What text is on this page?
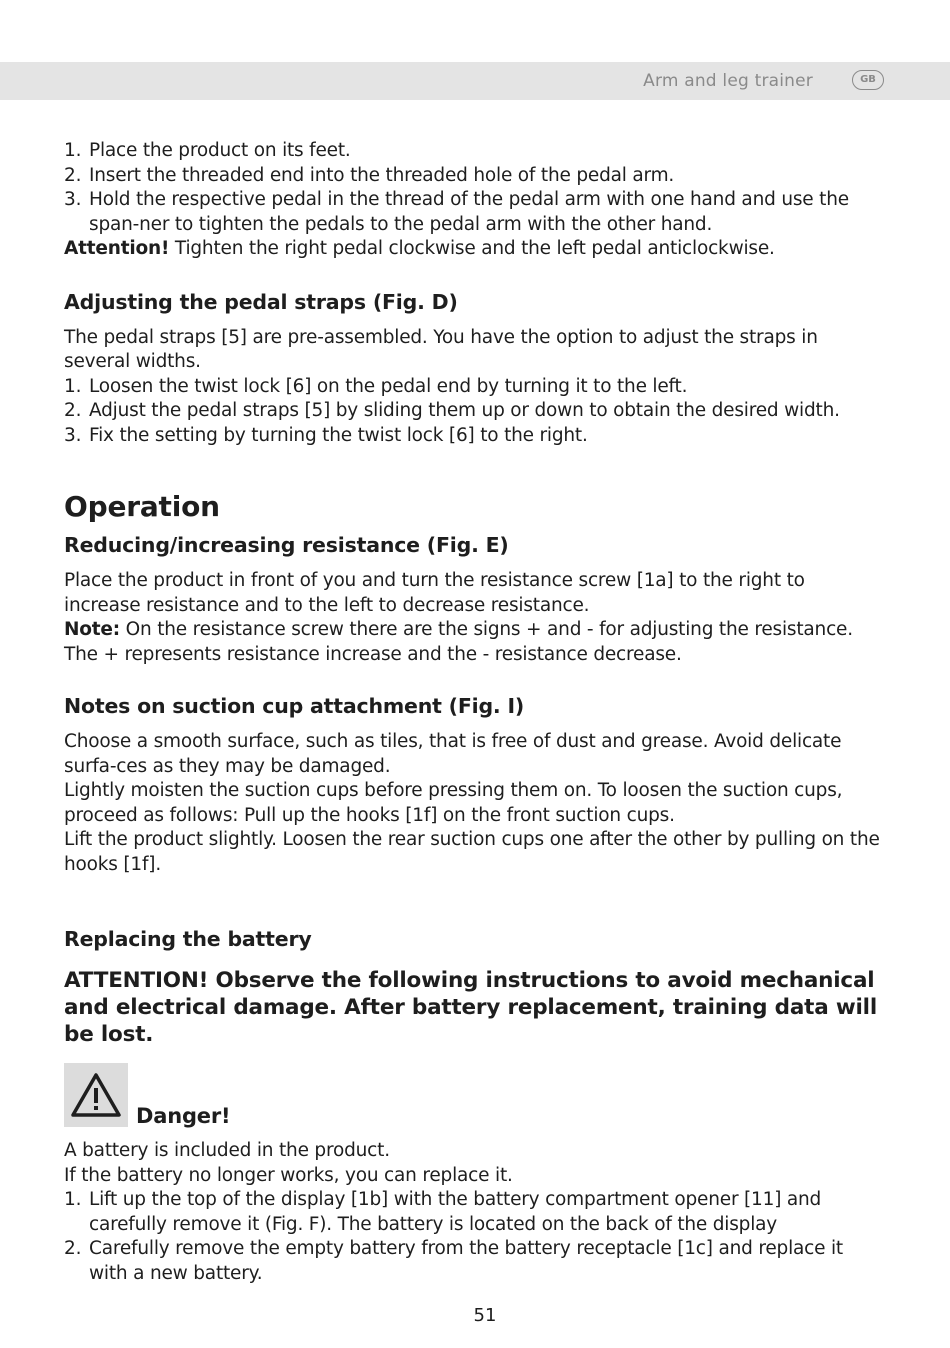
Arm and leg trainer	GB
1. Place the product on its feet.
2. Insert the threaded end into the threaded hole of the pedal arm.
3. Hold the respective pedal in the thread of the pedal arm with one hand and use the span-ner to tighten the pedals to the pedal arm with the other hand.

Attention! Tighten the right pedal clockwise and the left pedal anticlockwise.

Adjusting the pedal straps (Fig. D)

The pedal straps [5] are pre-assembled. You have the option to adjust the straps in several widths.

1. Loosen the twist lock [6] on the pedal end by turning it to the left.
2. Adjust the pedal straps [5] by sliding them up or down to obtain the desired width.
3. Fix the setting by turning the twist lock [6] to the right.
Operation
Reducing/increasing resistance (Fig. E)

Place the product in front of you and turn the resistance screw [1a] to the right to increase resistance and to the left to decrease resistance.

Note: On the resistance screw there are the signs + and - for adjusting the resistance.

The + represents resistance increase and the - resistance decrease.

Notes on suction cup attachment (Fig. I)

Choose a smooth surface, such as tiles, that is free of dust and grease. Avoid delicate surfa-ces as they may be damaged.

Lightly moisten the suction cups before pressing them on. To loosen the suction cups, proceed as follows: Pull up the hooks [1f] on the front suction cups.

Lift the product slightly. Loosen the rear suction cups one after the other by pulling on the hooks [1f].

Replacing the battery

ATTENTION! Observe the following instructions to avoid mechanical and electrical damage. After battery replacement, training data will be lost.

Danger!

A battery is included in the product.

If the battery no longer works, you can replace it.

1. Lift up the top of the display [1b] with the battery compartment opener [11] and carefully remove it (Fig. F). The battery is located on the back of the display
2. Carefully remove the empty battery from the battery receptacle [1c] and replace it with a new battery.
51
